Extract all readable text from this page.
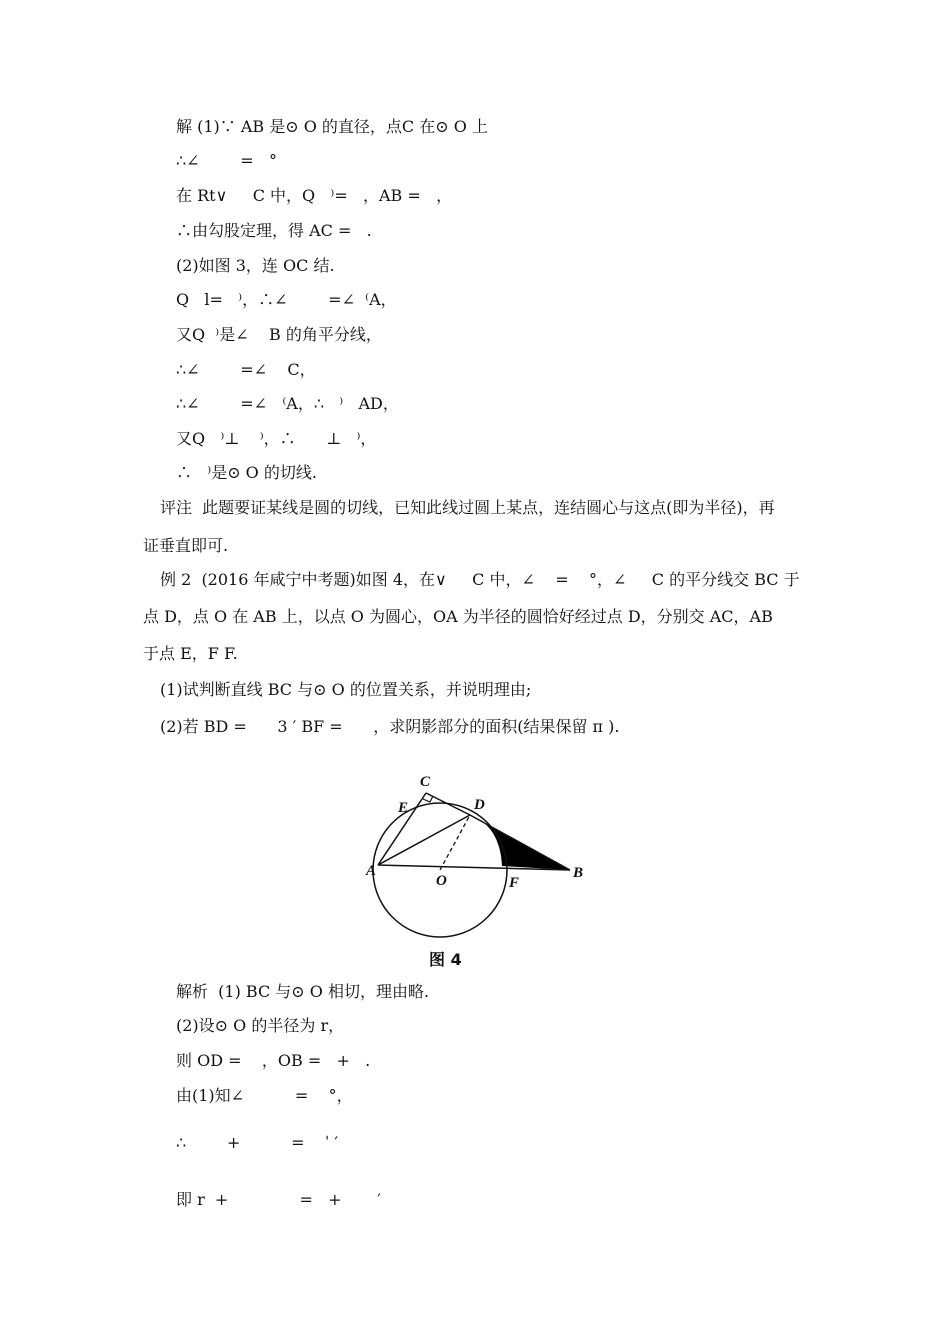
解 (1)∵ AB 是⊙ O 的直径，点C 在⊙ O 上
∴∠        =   °
在 Rt∨     C 中，Q   ⁾=   ，AB =   ，
∴由勾股定理，得 AC =   .
(2)如图 3，连 OC 结.
Q   l=   ⁾，∴∠        =∠  ⁽A，
又Q  ⁾是∠    B 的角平分线，
∴∠        =∠    C，
∴∠        =∠   ⁽A，∴   ⁾   AD，
又Q   ⁾⊥    ⁾，∴      ⊥   ⁾，
∴   ⁾是⊙ O 的切线.
评注  此题要证某线是圆的切线，已知此线过圆上某点，连结圆心与这点(即为半径)，再
证垂直即可.
例 2  (2016 年咸宁中考题)如图 4，在∨     C 中，∠    =    °，∠     C 的平分线交 BC 于
点 D，点 O 在 AB 上，以点 O 为圆心，OA 为半径的圆恰好经过点 D，分别交 AC，AB
于点 E，F F.
(1)试判断直线 BC 与⊙ O 的位置关系，并说明理由;
(2)若 BD =      3 ′ BF =      ，求阴影部分的面积(结果保留 π ).
C
E	D
A
O	F
B
图 4
解析  (1) BC 与⊙ O 相切，理由略.
(2)设⊙ O 的半径为 r，
则 OD =    ，OB =   +   .
由(1)知∠          =    °，
∴        +          =    ˈ ′
即 r  +              =   +       ′
